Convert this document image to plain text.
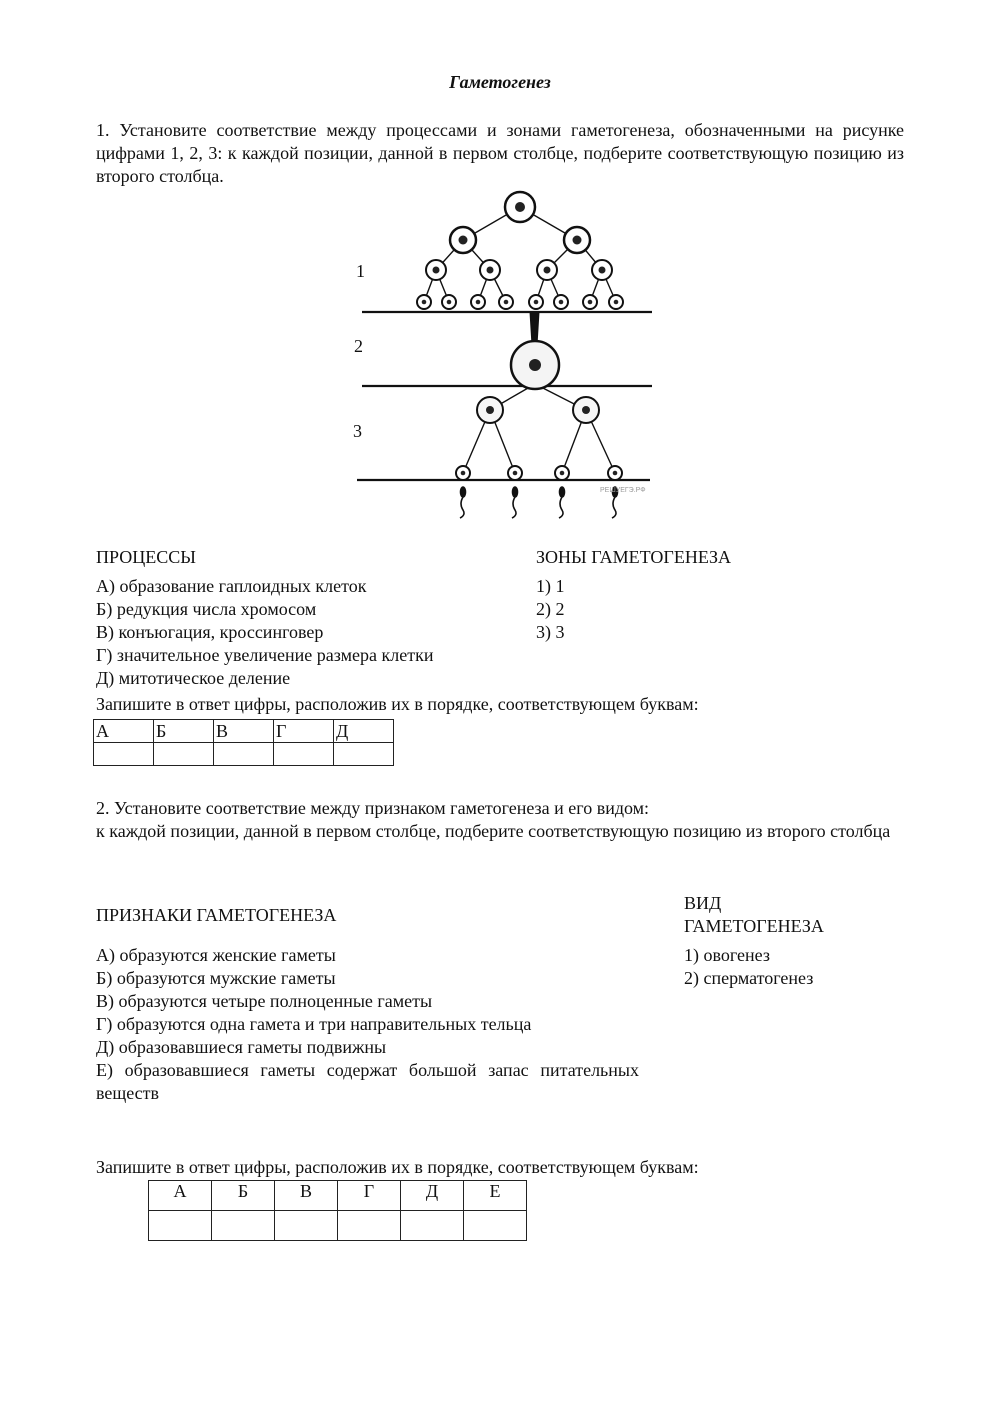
Гаметогенез
1. Установите соответствие между процессами и зонами гаметогенеза, обозначенными на рисунке цифрами 1, 2, 3: к каждой позиции, данной в первом столбце, подберите соответствующую позицию из второго столбца.
1
2
3
РЕШУЕГЭ.РФ
ПРОЦЕССЫ	ЗОНЫ ГАМЕТОГЕНЕЗА
А) образование гаплоидных клеток
Б) редукция числа хромосом
В) конъюгация, кроссинговер
Г) значительное увеличение размера клетки
Д) митотическое деление
1) 1
2) 2
3) 3
Запишите в ответ цифры, расположив их в порядке, соответствующем буквам:
А	Б	В	Г	Д

2. Установите соответствие между признаком гаметогенеза и его видом:
к каждой позиции, данной в первом столбце, подберите соответствующую позицию из второго столбца
ПРИЗНАКИ ГАМЕТОГЕНЕЗА
ВИД ГАМЕТОГЕНЕЗА
А) образуются женские гаметы
Б) образуются мужские гаметы
В) образуются четыре полноценные гаметы
Г) образуются одна гамета и три направительных тельца
Д) образовавшиеся гаметы подвижны
Е) образовавшиеся гаметы содержат большой запас питательных веществ
1) овогенез
2) сперматогенез
Запишите в ответ цифры, расположив их в порядке, соответствующем буквам:
А	Б	В	Г	Д	Е
